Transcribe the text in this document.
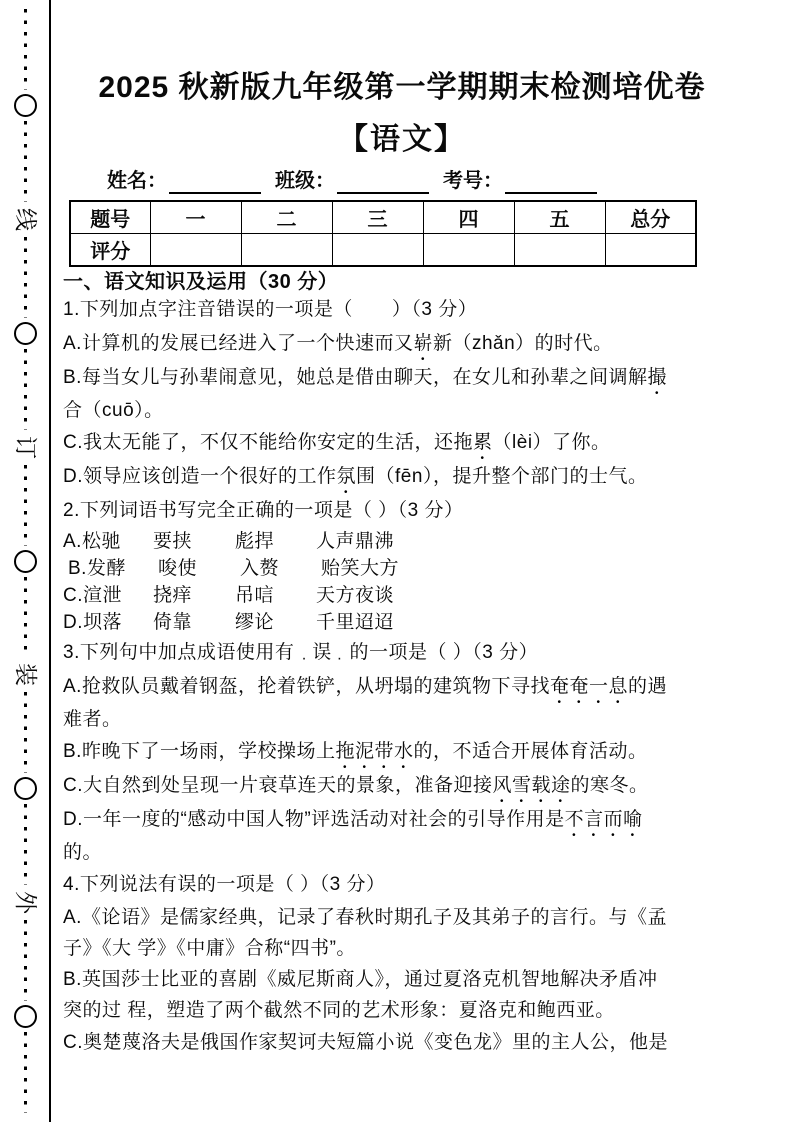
线
订
装
外
2025 秋新版九年级第一学期期末检测培优卷
【语文】
姓名：	班级：	考号：
题号	一	二	三	四	五	总分
评分						
一、语文知识及运用（30 分）
1.下列加点字注音错误的一项是（　　）（3 分）
A.计算机的发展已经进入了一个快速而又崭新（zhǎn）的时代。
B.每当女儿与孙辈闹意见，她总是借由聊天，在女儿和孙辈之间调解撮
合（cuō）。
C.我太无能了，不仅不能给你安定的生活，还拖累（lèi）了你。
D.领导应该创造一个很好的工作氛围（fēn），提升整个部门的士气。
2.下列词语书写完全正确的一项是（ ）（3 分）
A.松驰 要挟 彪捍 人声鼎沸
B.发酵 唆使 入赘 贻笑大方
C.渲泄 挠痒 吊唁 天方夜谈
D.坝落 倚靠 缪论 千里迢迢
3.下列句中加点成语使用有 · 误 · 的一项是（ ）（3 分）
A.抢救队员戴着钢盔，抡着铁铲，从坍塌的建筑物下寻找奄奄一息的遇
难者。
B.昨晚下了一场雨，学校操场上拖泥带水的，不适合开展体育活动。
C.大自然到处呈现一片衰草连天的景象，准备迎接风雪载途的寒冬。
D.一年一度的“感动中国人物”评选活动对社会的引导作用是不言而喻
的。
4.下列说法有误的一项是（ ）（3 分）
A.《论语》是儒家经典，记录了春秋时期孔子及其弟子的言行。与《孟
子》《大 学》《中庸》合称“四书”。
B.英国莎士比亚的喜剧《威尼斯商人》，通过夏洛克机智地解决矛盾冲
突的过 程，塑造了两个截然不同的艺术形象：夏洛克和鲍西亚。
C.奥楚蔑洛夫是俄国作家契诃夫短篇小说《变色龙》里的主人公，他是
